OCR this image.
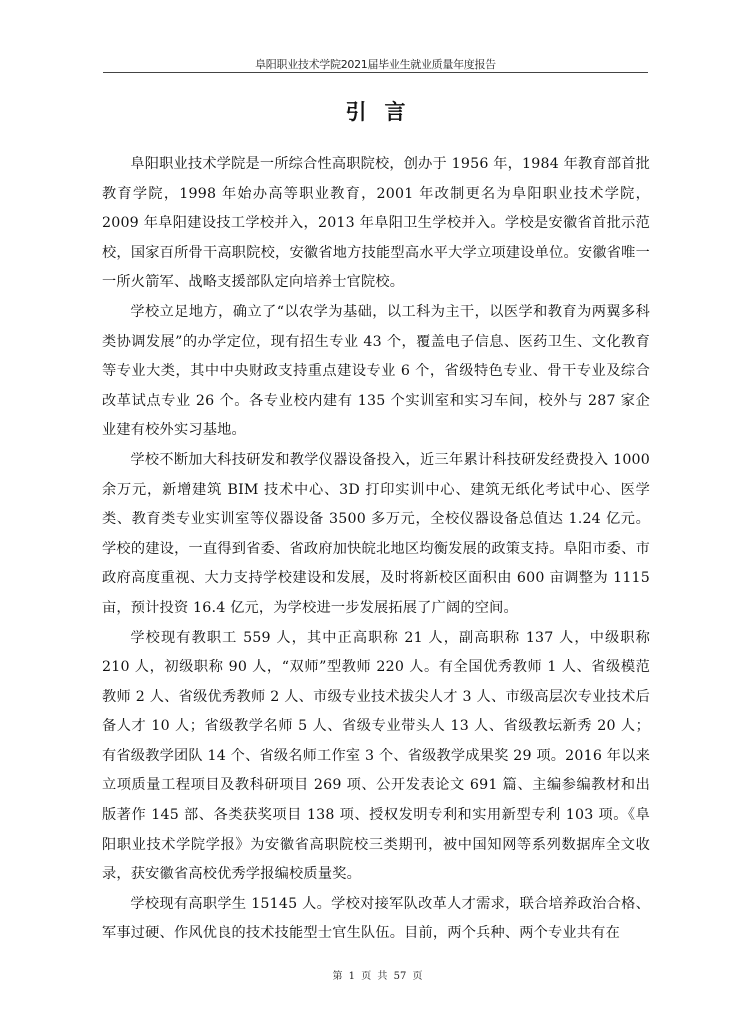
阜阳职业技术学院2021届毕业生就业质量年度报告
引言

阜阳职业技术学院是一所综合性高职院校，创办于 1956 年，1984 年教育部首批教育学院，1998 年始办高等职业教育，2001 年改制更名为阜阳职业技术学院，2009 年阜阳建设技工学校并入，2013 年阜阳卫生学校并入。学校是安徽省首批示范校，国家百所骨干高职院校，安徽省地方技能型高水平大学立项建设单位。安徽省唯一一所火箭军、战略支援部队定向培养士官院校。

学校立足地方，确立了“以农学为基础，以工科为主干，以医学和教育为两翼多科类协调发展”的办学定位，现有招生专业 43 个，覆盖电子信息、医药卫生、文化教育等专业大类，其中中央财政支持重点建设专业 6 个，省级特色专业、骨干专业及综合改革试点专业 26 个。各专业校内建有 135 个实训室和实习车间，校外与 287 家企业建有校外实习基地。

学校不断加大科技研发和教学仪器设备投入，近三年累计科技研发经费投入 1000 余万元，新增建筑 BIM 技术中心、3D 打印实训中心、建筑无纸化考试中心、医学类、教育类专业实训室等仪器设备 3500 多万元，全校仪器设备总值达 1.24 亿元。学校的建设，一直得到省委、省政府加快皖北地区均衡发展的政策支持。阜阳市委、市政府高度重视、大力支持学校建设和发展，及时将新校区面积由 600 亩调整为 1115 亩，预计投资 16.4 亿元，为学校进一步发展拓展了广阔的空间。

学校现有教职工 559 人，其中正高职称 21 人，副高职称 137 人，中级职称 210 人，初级职称 90 人，“双师”型教师 220 人。有全国优秀教师 1 人、省级模范教师 2 人、省级优秀教师 2 人、市级专业技术拔尖人才 3 人、市级高层次专业技术后备人才 10 人；省级教学名师 5 人、省级专业带头人 13 人、省级教坛新秀 20 人；有省级教学团队 14 个、省级名师工作室 3 个、省级教学成果奖 29 项。2016 年以来立项质量工程项目及教科研项目 269 项、公开发表论文 691 篇、主编参编教材和出版著作 145 部、各类获奖项目 138 项、授权发明专利和实用新型专利 103 项。《阜阳职业技术学院学报》为安徽省高职院校三类期刊，被中国知网等系列数据库全文收录，获安徽省高校优秀学报编校质量奖。

学校现有高职学生 15145 人。学校对接军队改革人才需求，联合培养政治合格、军事过硬、作风优良的技术技能型士官生队伍。目前，两个兵种、两个专业共有在

第 1 页 共 57 页
